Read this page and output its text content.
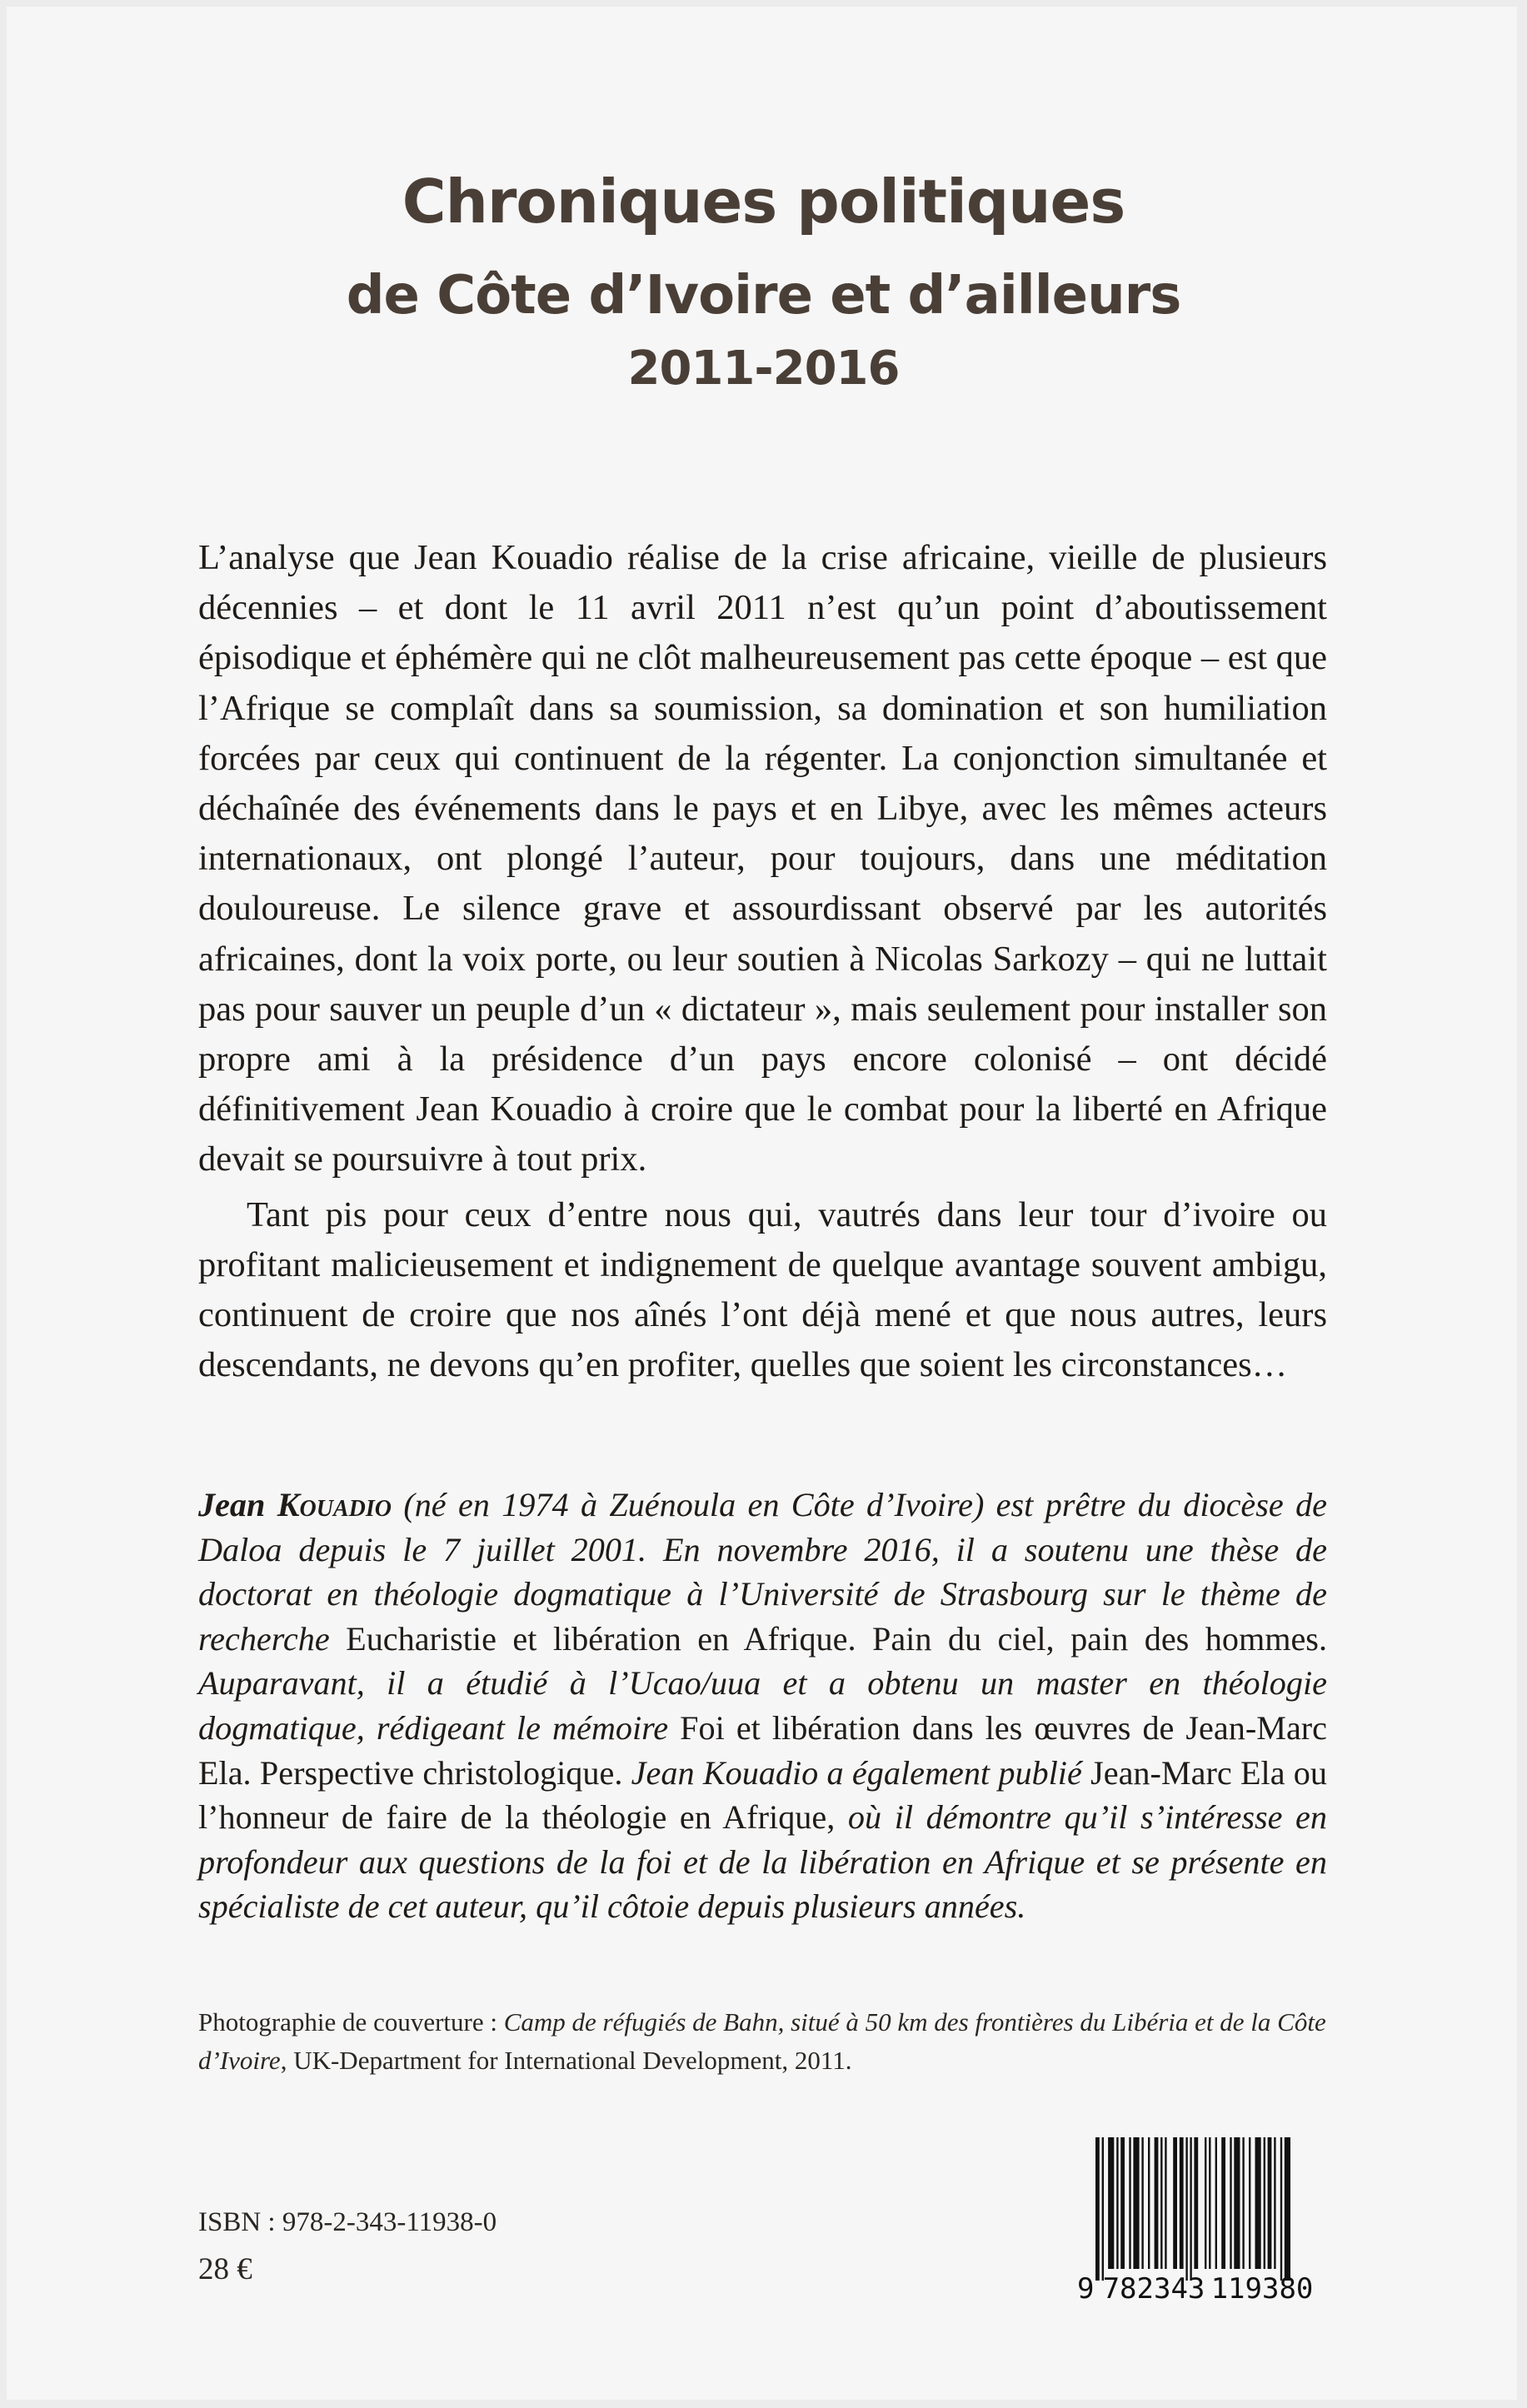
Chroniques politiques
de Côte d’Ivoire et d’ailleurs
2011-2016

L’analyse que Jean Kouadio réalise de la crise africaine, vieille de plusieurs décennies – et dont le 11 avril 2011 n’est qu’un point d’aboutissement épisodique et éphémère qui ne clôt malheureusement pas cette époque – est que l’Afrique se complaît dans sa soumission, sa domination et son humiliation forcées par ceux qui continuent de la régenter. La conjonction simultanée et déchaînée des événements dans le pays et en Libye, avec les mêmes acteurs internationaux, ont plongé l’auteur, pour toujours, dans une méditation douloureuse. Le silence grave et assourdissant observé par les autorités africaines, dont la voix porte, ou leur soutien à Nicolas Sarkozy – qui ne luttait pas pour sauver un peuple d’un « dictateur », mais seulement pour installer son propre ami à la présidence d’un pays encore colonisé – ont décidé définitivement Jean Kouadio à croire que le combat pour la liberté en Afrique devait se poursuivre à tout prix.

Tant pis pour ceux d’entre nous qui, vautrés dans leur tour d’ivoire ou profitant malicieusement et indignement de quelque avantage souvent ambigu, continuent de croire que nos aînés l’ont déjà mené et que nous autres, leurs descendants, ne devons qu’en profiter, quelles que soient les circonstances…

Jean Kouadio (né en 1974 à Zuénoula en Côte d’Ivoire) est prêtre du diocèse de Daloa depuis le 7 juillet 2001. En novembre 2016, il a soutenu une thèse de doctorat en théologie dogmatique à l’Université de Strasbourg sur le thème de recherche Eucharistie et libération en Afrique. Pain du ciel, pain des hommes. Auparavant, il a étudié à l’Ucao/uua et a obtenu un master en théologie dogmatique, rédigeant le mémoire Foi et libération dans les œuvres de Jean-Marc Ela. Perspective christologique. Jean Kouadio a également publié Jean-Marc Ela ou l’honneur de faire de la théologie en Afrique, où il démontre qu’il s’intéresse en profondeur aux questions de la foi et de la libération en Afrique et se présente en spécialiste de cet auteur, qu’il côtoie depuis plusieurs années.

Photographie de couverture : Camp de réfugiés de Bahn, situé à 50 km des frontières du Libéria et de la Côte d’Ivoire, UK-Department for International Development, 2011.
ISBN : 978-2-343-11938-0
28 €
9 782343 119380
